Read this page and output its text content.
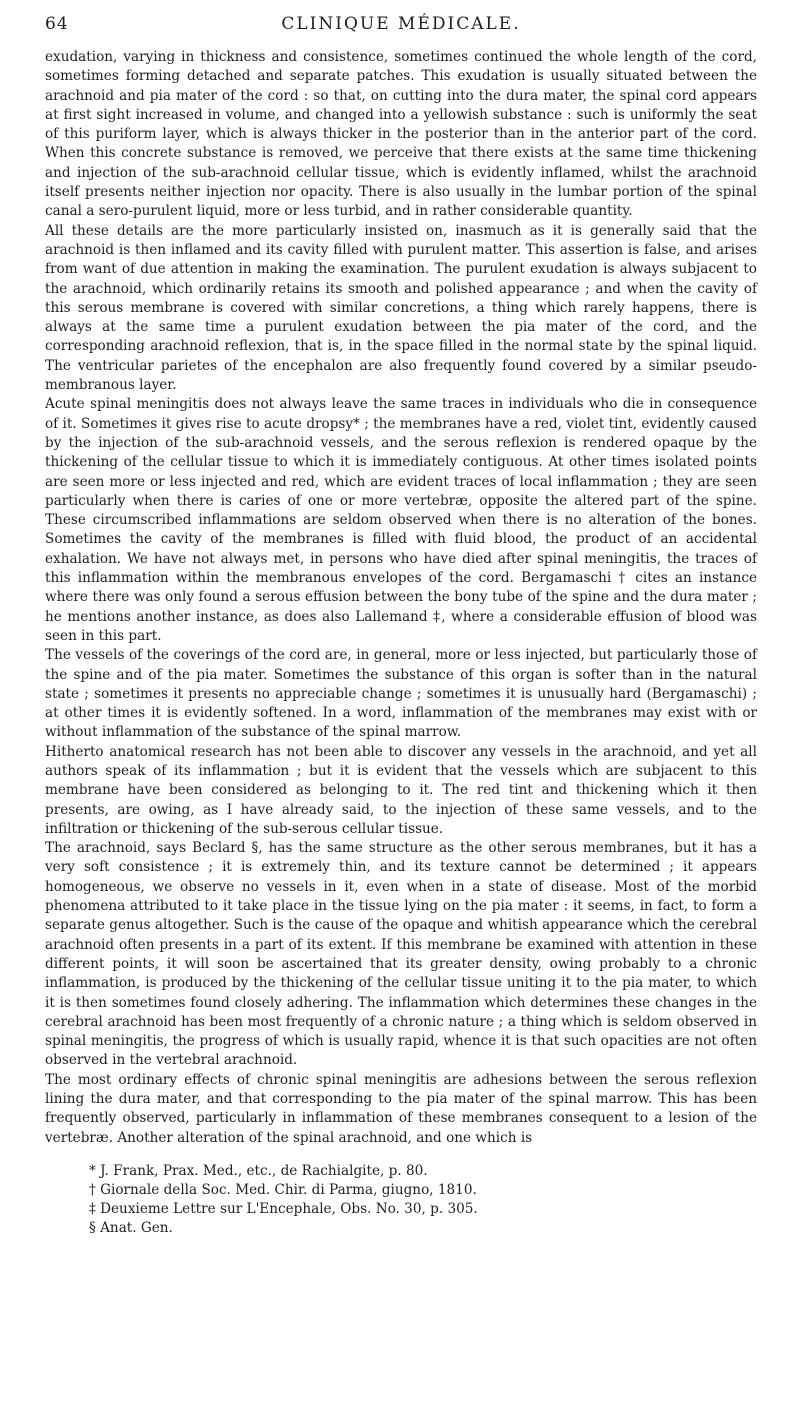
64	CLINIQUE MÉDICALE.

exudation, varying in thickness and consistence, sometimes continued the whole length of the cord, sometimes forming detached and separate patches. This exudation is usually situated between the arachnoid and pia mater of the cord : so that, on cutting into the dura mater, the spinal cord appears at first sight increased in volume, and changed into a yellowish substance : such is uniformly the seat of this puriform layer, which is always thicker in the posterior than in the anterior part of the cord. When this concrete substance is removed, we perceive that there exists at the same time thickening and injection of the sub-arachnoid cellular tissue, which is evidently inflamed, whilst the arachnoid itself presents neither injection nor opacity. There is also usually in the lumbar portion of the spinal canal a sero-purulent liquid, more or less turbid, and in rather considerable quantity.

All these details are the more particularly insisted on, inasmuch as it is generally said that the arachnoid is then inflamed and its cavity filled with purulent matter. This assertion is false, and arises from want of due attention in making the examination. The purulent exudation is always subjacent to the arachnoid, which ordinarily retains its smooth and polished appearance ; and when the cavity of this serous membrane is covered with similar concretions, a thing which rarely happens, there is always at the same time a purulent exudation between the pia mater of the cord, and the corresponding arachnoid reflexion, that is, in the space filled in the normal state by the spinal liquid. The ventricular parietes of the encephalon are also frequently found covered by a similar pseudo-membranous layer.

Acute spinal meningitis does not always leave the same traces in individuals who die in consequence of it. Sometimes it gives rise to acute dropsy* ; the membranes have a red, violet tint, evidently caused by the injection of the sub-arachnoid vessels, and the serous reflexion is rendered opaque by the thickening of the cellular tissue to which it is immediately contiguous. At other times isolated points are seen more or less injected and red, which are evident traces of local inflammation ; they are seen particularly when there is caries of one or more vertebræ, opposite the altered part of the spine. These circumscribed inflammations are seldom observed when there is no alteration of the bones. Sometimes the cavity of the membranes is filled with fluid blood, the product of an accidental exhalation. We have not always met, in persons who have died after spinal meningitis, the traces of this inflammation within the membranous envelopes of the cord. Bergamaschi † cites an instance where there was only found a serous effusion between the bony tube of the spine and the dura mater ; he mentions another instance, as does also Lallemand ‡, where a considerable effusion of blood was seen in this part.

The vessels of the coverings of the cord are, in general, more or less injected, but particularly those of the spine and of the pia mater. Sometimes the substance of this organ is softer than in the natural state ; sometimes it presents no appreciable change ; sometimes it is unusually hard (Bergamaschi) ; at other times it is evidently softened. In a word, inflammation of the membranes may exist with or without inflammation of the substance of the spinal marrow.

Hitherto anatomical research has not been able to discover any vessels in the arachnoid, and yet all authors speak of its inflammation ; but it is evident that the vessels which are subjacent to this membrane have been considered as belonging to it. The red tint and thickening which it then presents, are owing, as I have already said, to the injection of these same vessels, and to the infiltration or thickening of the sub-serous cellular tissue.

The arachnoid, says Beclard §, has the same structure as the other serous membranes, but it has a very soft consistence ; it is extremely thin, and its texture cannot be determined ; it appears homogeneous, we observe no vessels in it, even when in a state of disease. Most of the morbid phenomena attributed to it take place in the tissue lying on the pia mater : it seems, in fact, to form a separate genus altogether. Such is the cause of the opaque and whitish appearance which the cerebral arachnoid often presents in a part of its extent. If this membrane be examined with attention in these different points, it will soon be ascertained that its greater density, owing probably to a chronic inflammation, is produced by the thickening of the cellular tissue uniting it to the pia mater, to which it is then sometimes found closely adhering. The inflammation which determines these changes in the cerebral arachnoid has been most frequently of a chronic nature ; a thing which is seldom observed in spinal meningitis, the progress of which is usually rapid, whence it is that such opacities are not often observed in the vertebral arachnoid.

The most ordinary effects of chronic spinal meningitis are adhesions between the serous reflexion lining the dura mater, and that corresponding to the pia mater of the spinal marrow. This has been frequently observed, particularly in inflammation of these membranes consequent to a lesion of the vertebræ. Another alteration of the spinal arachnoid, and one which is

* J. Frank, Prax. Med., etc., de Rachialgite, p. 80.

† Giornale della Soc. Med. Chir. di Parma, giugno, 1810.

‡ Deuxieme Lettre sur L'Encephale, Obs. No. 30, p. 305.

§ Anat. Gen.
